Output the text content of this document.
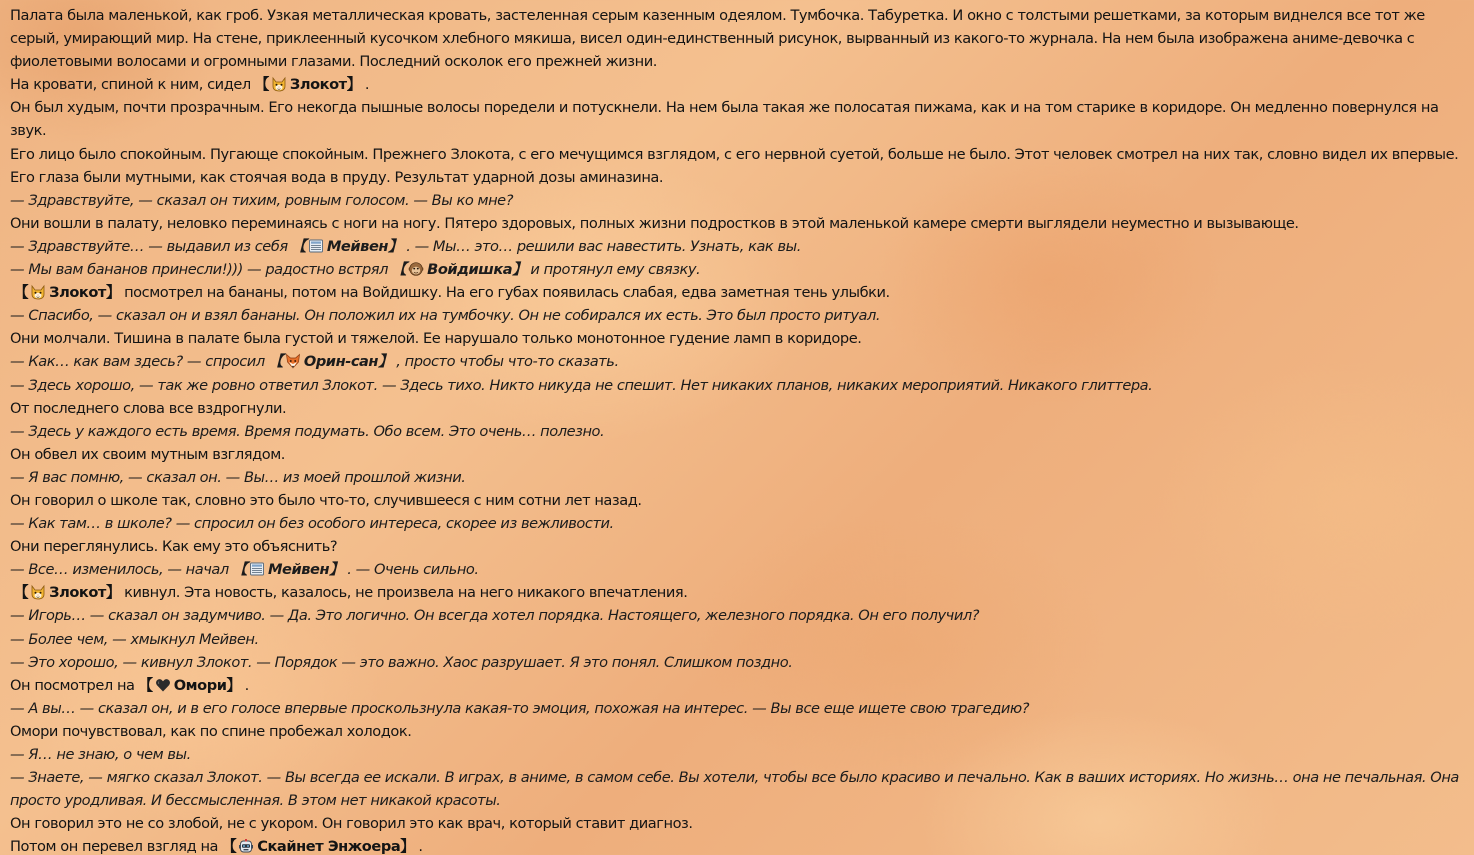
Палата была маленькой, как гроб. Узкая металлическая кровать, застеленная серым казенным одеялом. Тумбочка. Табуретка. И окно с толстыми решетками, за которым виднелся все тот же серый, умирающий мир. На стене, приклеенный кусочком хлебного мякиша, висел один-единственный рисунок, вырванный из какого-то журнала. На нем была изображена аниме-девочка с фиолетовыми волосами и огромными глазами. Последний осколок его прежней жизни.
На кровати, спиной к ним, сидел 【 Злокот】 .
Он был худым, почти прозрачным. Его некогда пышные волосы поредели и потускнели. На нем была такая же полосатая пижама, как и на том старике в коридоре. Он медленно повернулся на звук.
Его лицо было спокойным. Пугающе спокойным. Прежнего Злокота, с его мечущимся взглядом, с его нервной суетой, больше не было. Этот человек смотрел на них так, словно видел их впервые. Его глаза были мутными, как стоячая вода в пруду. Результат ударной дозы аминазина.
— Здравствуйте, — сказал он тихим, ровным голосом. — Вы ко мне?
Они вошли в палату, неловко переминаясь с ноги на ногу. Пятеро здоровых, полных жизни подростков в этой маленькой камере смерти выглядели неуместно и вызывающе.
— Здравствуйте… — выдавил из себя 【 Мейвен】 . — Мы… это… решили вас навестить. Узнать, как вы.
— Мы вам бананов принесли!))) — радостно встрял 【 Войдишка】 и протянул ему связку.
【 Злокот】 посмотрел на бананы, потом на Войдишку. На его губах появилась слабая, едва заметная тень улыбки.
— Спасибо, — сказал он и взял бананы. Он положил их на тумбочку. Он не собирался их есть. Это был просто ритуал.
Они молчали. Тишина в палате была густой и тяжелой. Ее нарушало только монотонное гудение ламп в коридоре.
— Как… как вам здесь? — спросил 【 Орин-сан】 , просто чтобы что-то сказать.
— Здесь хорошо, — так же ровно ответил Злокот. — Здесь тихо. Никто никуда не спешит. Нет никаких планов, никаких мероприятий. Никакого глиттера.
От последнего слова все вздрогнули.
— Здесь у каждого есть время. Время подумать. Обо всем. Это очень… полезно.
Он обвел их своим мутным взглядом.
— Я вас помню, — сказал он. — Вы… из моей прошлой жизни.
Он говорил о школе так, словно это было что-то, случившееся с ним сотни лет назад.
— Как там… в школе? — спросил он без особого интереса, скорее из вежливости.
Они переглянулись. Как ему это объяснить?
— Все… изменилось, — начал 【 Мейвен】 . — Очень сильно.
【 Злокот】 кивнул. Эта новость, казалось, не произвела на него никакого впечатления.
— Игорь… — сказал он задумчиво. — Да. Это логично. Он всегда хотел порядка. Настоящего, железного порядка. Он его получил?
— Более чем, — хмыкнул Мейвен.
— Это хорошо, — кивнул Злокот. — Порядок — это важно. Хаос разрушает. Я это понял. Слишком поздно.
Он посмотрел на 【 Омори】 .
— А вы… — сказал он, и в его голосе впервые проскользнула какая-то эмоция, похожая на интерес. — Вы все еще ищете свою трагедию?
Омори почувствовал, как по спине пробежал холодок.
— Я… не знаю, о чем вы.
— Знаете, — мягко сказал Злокот. — Вы всегда ее искали. В играх, в аниме, в самом себе. Вы хотели, чтобы все было красиво и печально. Как в ваших историях. Но жизнь… она не печальная. Она просто уродливая. И бессмысленная. В этом нет никакой красоты.
Он говорил это не со злобой, не с укором. Он говорил это как врач, который ставит диагноз.
Потом он перевел взгляд на 【 Скайнет Энжоера】 .
